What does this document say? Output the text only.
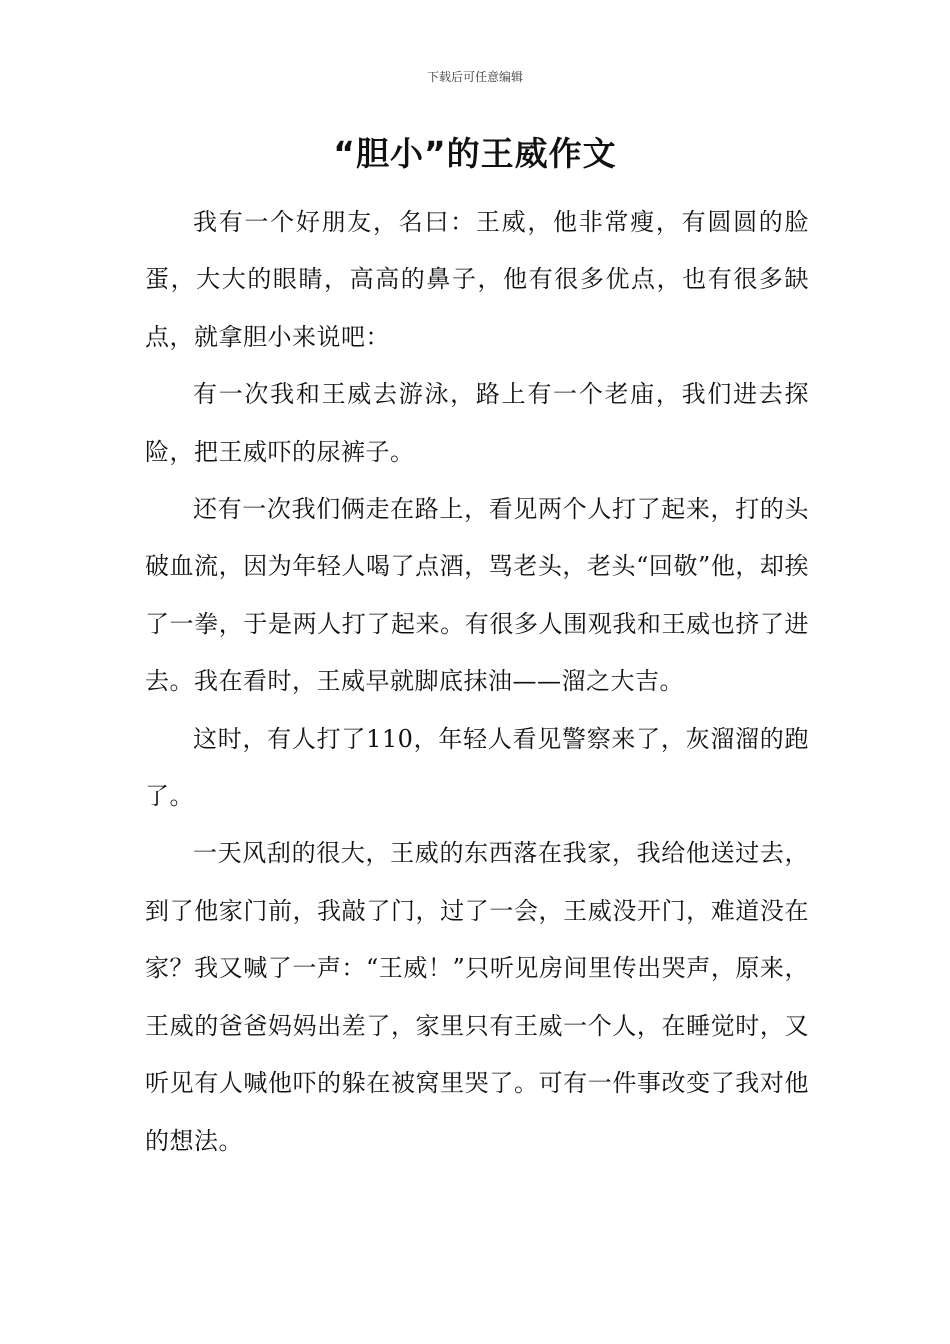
下载后可任意编辑
“胆小”的王威作文

我有一个好朋友，名曰：王威，他非常瘦，有圆圆的脸蛋，大大的眼睛，高高的鼻子，他有很多优点，也有很多缺点，就拿胆小来说吧：

有一次我和王威去游泳，路上有一个老庙，我们进去探险，把王威吓的尿裤子。

还有一次我们俩走在路上，看见两个人打了起来，打的头破血流，因为年轻人喝了点酒，骂老头，老头“回敬”他，却挨了一拳，于是两人打了起来。有很多人围观我和王威也挤了进去。我在看时，王威早就脚底抹油——溜之大吉。

这时，有人打了110，年轻人看见警察来了，灰溜溜的跑了。

一天风刮的很大，王威的东西落在我家，我给他送过去，到了他家门前，我敲了门，过了一会，王威没开门，难道没在家？我又喊了一声：“王威！”只听见房间里传出哭声，原来，王威的爸爸妈妈出差了，家里只有王威一个人，在睡觉时，又听见有人喊他吓的躲在被窝里哭了。可有一件事改变了我对他的想法。
